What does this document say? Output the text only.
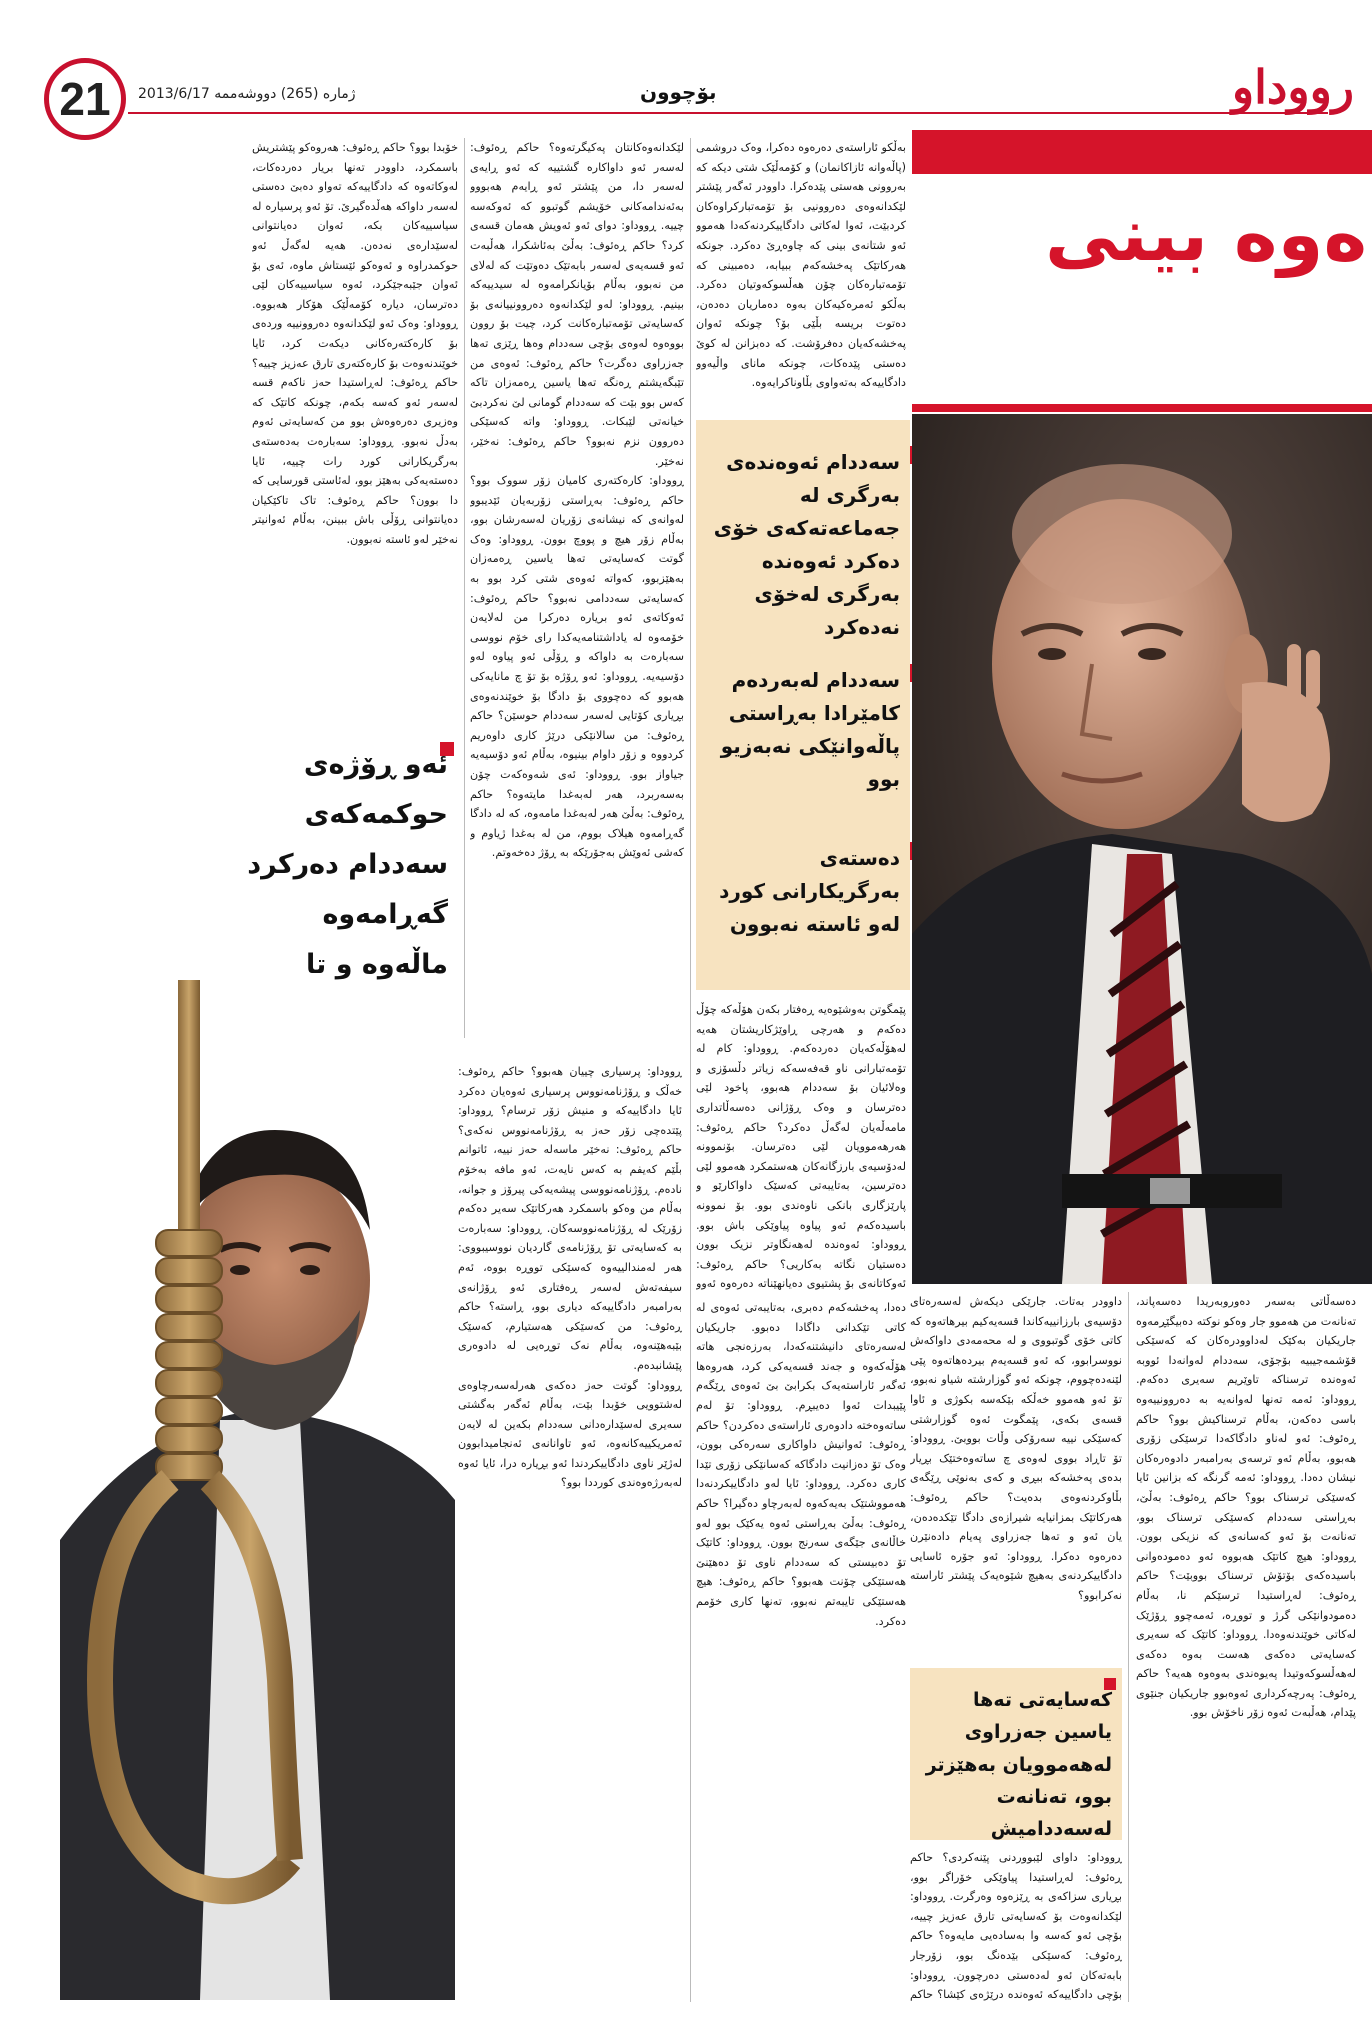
21 ژماره (265) دووشەممە 2013/6/17	بۆچوون	رووداو
ەوە بینی

بەڵکو ئاراستەی دەرەوە دەکرا، وەک دروشمی (پاڵەوانە ئازاکانمان) و کۆمەڵێک شتی دیکە کە بەروونی هەستی پێدەکرا. داوودر ئەگەر پێشتر لێکدانەوەی دەروونیی بۆ تۆمەتبارکراوەکان کردبێت، ئەوا لەکاتی دادگاییکردنەکەدا هەموو ئەو شتانەی بینی کە چاوەڕێ دەکرد. جونکە هەرکاتێک پەخشەکەم ببیابە، دەمبینی کە تۆمەتبارەکان چۆن هەڵسوکەوتیان دەکرد. بەڵکو ئەمرەکیەکان بەوە دەماریان دەدەن، دەتوت بریسە بڵێی بۆ؟ چونکە ئەوان پەخشەکەیان دەفرۆشت. کە دەبزانن لە کوێ دەستی پێدەکات، چونکە ماناى واڵیەوو دادگاییەکە بەتەواوی بڵاوناکرایەوە.

لێکدانەوەکانتان پەکیگرتەوە؟ حاکم ڕەئوف: لەسەر ئەو داواکارە گشتییە کە ئەو ڕایەی لەسەر دا، من پێشتر ئەو ڕایەم هەبووو بەئەندامەکانی خۆیشم گوتبوو کە ئەوکەسە چییە. ڕووداو: دوای ئەو ئەویش هەمان قسەی کرد؟ حاکم ڕەئوف: بەڵێ بەئاشکرا، هەڵبەت ئەو قسەیەی لەسەر بابەتێک دەوتێت کە لەلای من نەبوو، بەڵام بۆیانکرامەوە لە سیدییەکە بینیم. ڕووداو: لەو لێکدانەوە دەروونییانەی بۆ کەسایەتی تۆمەتبارەکانت کرد، چیت بۆ روون بووەوە لەوەی بۆچی سەددام وەها ڕێزی تەها جەزراوی دەگرت؟ حاکم ڕەئوف: ئەوەی من تێبگەیشتم ڕەنگە تەها یاسین ڕەمەزان تاکە کەس بوو بێت کە سەددام گومانی لێ نەکردبێ خیانەتی لێبکات. ڕووداو: واتە کەسێکی دەروون نزم نەبوو؟ حاکم ڕەئوف: نەخێر، نەخێر.

ڕووداو: کارەکتەری کامیان زۆر سووک بوو؟ حاکم ڕەئوف: بەڕاستی زۆربەیان ئێدیبوو لەوانەی کە نیشانەی زۆریان لەسەرشان بوو، بەڵام زۆر هیچ و پووچ بوون. ڕووداو: وەک گوتت کەسایەتی تەها یاسین ڕەمەزان بەهێزبوو، کەواتە ئەوەی شتی کرد بوو بە کەسایەتی سەددامی نەبوو؟ حاکم ڕەئوف: ئەوکاتەی ئەو بریارە دەرکرا من لەلایەن خۆمەوە لە یاداشتنامەیەکدا رای خۆم نووسی سەبارەت بە داواکە و ڕۆڵی ئەو پیاوە لەو دۆسیەیە. ڕووداو: ئەو ڕۆژە بۆ تۆ چ مانایەکی هەبوو کە دەچووی بۆ دادگا بۆ خوێندنەوەی بڕیاری کۆتایی لەسەر سەددام حوسێن؟ حاکم ڕەئوف: من سالانێکی درێژ کاری داوەریم کردووە و زۆر داوام بینیوە، بەڵام ئەو دۆسیەیە جیاواز بوو. ڕووداو: ئەی شەوەکەت چۆن بەسەربرد، هەر لەبەغدا مایتەوە؟ حاکم ڕەئوف: بەڵێ هەر لەبەغدا مامەوە، کە لە دادگا گەڕامەوە هیلاک بووم، من لە بەغدا ژیاوم و کەشی ئەوێش بەجۆرێکە بە ڕۆژ دەخەوتم.

خۆبدا بوو؟ حاکم ڕەئوف: هەروەکو پێشتریش باسمکرد، داوودر تەنها بریار دەردەکات، لەوکاتەوە کە دادگاییەکە تەواو دەبێ دەستی لەسەر داواکە هەڵدەگیرێ. تۆ ئەو پرسیارە لە سیاسییەکان بکە، ئەوان دەیانتوانی لەسێدارەی نەدەن. هەیە لەگەڵ ئەو حوکمدراوە و ئەوەکو ئێستاش ماوە، ئەی بۆ ئەوان جێبەجێکرد، ئەوە سیاسییەکان لێی دەترسان، دیارە کۆمەڵێک هۆکار هەبووە. ڕووداو: وەک ئەو لێکدانەوە دەروونییە وردەی بۆ کارەکتەرەکانی دیکەت کرد، ئایا خوێندنەوەت بۆ کارەکتەری تارق عەزیز چییە؟ حاکم ڕەئوف: لەڕاستیدا حەز ناکەم قسە لەسەر ئەو کەسە بکەم، چونکە کاتێک کە وەزیری دەرەوەش بوو من کەسایەتی ئەوم بەدڵ نەبوو. ڕووداو: سەبارەت بەدەستەی بەرگریکارانی کورد رات چییە، ئایا دەستەیەکی بەهێز بوو، لەئاستی قورسایی کە دا بوون؟ حاکم ڕەئوف: تاک تاکێکیان دەیانتوانی ڕۆڵی باش ببینن، بەڵام ئەوانیتر نەخێر لەو ئاستە نەبوون.

سەددام ئەوەندەی بەرگری لە جەماعەتەکەی خۆی دەکرد ئەوەندە بەرگری لەخۆی نەدەکرد
سەددام لەبەردەم کامێرادا بەڕاستی پاڵەوانێکی نەبەزیو بوو
دەستەی بەرگریکارانی کورد لەو ئاستە نەبوون
ئەو ڕۆژەی حوکمەکەی سەددام دەرکرد گەڕامەوە ماڵەوە و تا

پێمگوتن بەوشێوەیە ڕەفتار بکەن هۆڵەکە چۆڵ دەکەم و هەرچی ڕاوێژکاریشتان هەیە لەهۆڵەکەیان دەردەکەم. ڕووداو: کام لە تۆمەتبارانی ناو قەفەسەکە زیاتر دڵسۆزی و وەلائیان بۆ سەددام هەبوو، پاخود لێی دەترسان و وەک ڕۆژانی دەسەڵاتداری مامەڵەیان لەگەڵ دەکرد؟ حاکم ڕەئوف: هەرهەموویان لێی دەترسان. بۆنموونە لەدۆسیەی بارزگانەکان هەستمکرد هەموو لێی دەترسین، بەتایبەتی کەسێک داواکارێو و پارێزگاری بانکی ناوەندی بوو. بۆ نموونە باسیدەکەم ئەو پیاوە پیاوێکی باش بوو. ڕووداو: ئەوەندە لەهەنگاوتر نزیک بوون دەستیان نگاتە بەکاریی؟ حاکم ڕەئوف: ئەوکاتانەی بۆ پشتیوی دەیانهێناتە دەرەوە ئەوو

ڕووداو: پرسیاری چییان هەبوو؟ حاکم ڕەئوف: خەڵک و ڕۆژنامەنووس پرسیاری ئەوەیان دەکرد ئایا دادگاییەکە و منیش زۆر ترسام؟ ڕووداو: پێتدەچی زۆر حەز بە ڕۆژنامەنووس نەکەی؟ حاکم ڕەئوف: نەخێر ماسەلە حەز نییە، ئاتوانم بڵێم کەیفم بە کەس نایەت، ئەو مافە بەخۆم نادەم. ڕۆژنامەنووسی پیشەیەکی پیرۆز و جوانە، بەڵام من وەکو باسمکرد هەرکاتێک سەیر دەکەم زۆرێک لە ڕۆژنامەنووسەکان. ڕووداو: سەبارەت بە کەسایەتی تۆ ڕۆژنامەی گاردیان نووسیبووی: هەر لەمندالییەوە کەسێکی تووڕە بووە، ئەم سیفەتەش لەسەر ڕەفتاری ئەو ڕۆژانەی بەرامبەر دادگاییەکە دیاری بوو، ڕاستە؟ حاکم ڕەئوف: من کەسێکی هەستیارم، کەسێک بێبەهێنەوە، بەڵام نەک توڕەیی لە دادوەری پێشانبدەم.

ڕووداو: گوتت حەز دەکەی هەرلەسەرچاوەی لەشتوویی خۆبدا بێت، بەڵام ئەگەر بەگشتی سەیری لەسێدارەدانی سەددام بکەین لە لایەن ئەمریکییەکانەوە، ئەو تاوانانەی ئەنجامیدابوون لەژێر ناوی دادگاییکردندا ئەو بڕیارە درا، ئایا ئەوە لەبەرژەوەندی کورددا بوو؟

دەسەڵاتی بەسەر دەوروبەریدا دەسەپاند، تەنانەت من هەموو جار وەکو نوکتە دەبیگێڕمەوە جاریکیان بەکێک لەداوودرەکان کە کەسێکی قۆشمەجیبیە بۆجۆی، سەددام لەوانەدا ئووبە ئەوەندە ترسناکە تاوێریم سەیری دەکەم. ڕووداو: ئەمە تەنها لەوانەیە بە دەروونییەوە باسی دەکەن، بەڵام ترسناکیش بوو؟ حاکم ڕەئوف: ئەو لەناو دادگاکەدا ترسێکی زۆری هەبوو، بەڵام ئەو ترسەی بەرامبەر دادوەرەکان نیشان دەدا. ڕووداو: ئەمە گرنگە کە بزانین ئایا کەسێکی ترسناک بوو؟ حاکم ڕەئوف: بەڵێ، بەڕاستی سەددام کەسێکی ترسناک بوو، تەنانەت بۆ ئەو کەسانەی کە نزیکی بوون. ڕووداو: هیچ کاتێک هەبووە ئەو دەمودەوانی باسیدەکەی بۆتۆش ترسناک بووبێت؟ حاکم ڕەئوف: لەڕاستیدا ترسێکم نا، بەڵام دەمودوانێکی گرژ و تووڕە، ئەمەچوو ڕۆژێک لەکاتی خوێندنەوەدا. ڕووداو: کاتێک کە سەیری کەسایەتی دەکەی هەست بەوە دەکەی لەهەڵسوکەوتیدا پەیوەندی بەوەوە هەیە؟ حاکم ڕەئوف: پەرچەکرداری ئەوەبوو جاریکیان جنێوی پێدام، هەڵبەت ئەوە زۆر ناخۆش بوو.

داوودر بەتات. جارێکی دیکەش لەسەرەتای دۆسیەی بارزانییەکاندا قسەیەکیم بیرهاتەوە کە کاتی خۆی گوتبووی و لە محەمەدی داواکەش نووسرابوو، کە ئەو قسەیەم بیردەهاتەوە پێی لێنەدەچووم، چونکە ئەو گوزارشتە شیاو نەبوو، تۆ ئەو هەموو خەڵکە بێکەسە بکوژی و ئاوا قسەی بکەی، پێمگوت ئەوە گوزارشتی کەسێکی نییە سەرۆکی وڵات بووبێ. ڕووداو: تۆ تاڕاد بووی لەوەی چ ساتەوەختێک بڕیار بدەی پەخشەکە ببڕی و کەی بەنوێی ڕێگەی بڵاوکردنەوەی بدەیت؟ حاکم ڕەئوف: هەرکاتێک بمزانیایە شیرازەی دادگا تێکدەدەن، یان ئەو و تەها جەزراوی پەیام دادەنێرن دەرەوە دەکرا. ڕووداو: ئەو جۆرە ئاسایی دادگاییکردنەی بەهیچ شێوەیەک پێشتر ئاراستە نەکرابوو؟

ڕووداو: داوای لێبووردنی پێنەکردی؟ حاکم ڕەئوف: لەڕاستیدا پیاوێکی خۆراگر بوو، بڕیاری سزاکەی بە ڕێزەوە وەرگرت. ڕووداو: لێکدانەوەت بۆ کەسایەتی تارق عەزیز چییە، بۆچی ئەو کەسە وا بەسادەیی مایەوە؟ حاکم ڕەئوف: کەسێکی بێدەنگ بوو، زۆرجار بابەتەکان ئەو لەدەستی دەرچوون. ڕووداو: بۆچی دادگاییەکە ئەوەندە درێژەی کێشا؟ حاکم

دەدا، پەخشەکەم دەبری، بەتایبەتی ئەوەی لە کاتی تێکدانی داگادا دەبوو. جاریکیان لەسەرەتای دانیشتنەکەدا، بەرزەنجی هاتە هۆڵەکەوە و جەند قسەیەکی کرد، هەروەها ئەگەر ئاراستەیەک بکرابێ بێ ئەوەی ڕێگەم پێیبدات ئەوا دەیبڕم. ڕووداو: تۆ لەم ساتەوەختە دادوەری ئاراستەی دەکردن؟ حاکم ڕەئوف: ئەوانیش داواکاری سەرەکی بوون، وەک تۆ دەزانیت دادگاکە کەسانێکی زۆری تێدا کاری دەکرد. ڕووداو: ئایا لەو دادگاییکردنەدا هەمووشتێک بەیەکەوە لەبەرچاو دەگیرا؟ حاکم ڕەئوف: بەڵێ بەڕاستی ئەوە یەکێک بوو لەو خاڵانەی جێگەی سەرنج بوون. ڕووداو: کاتێک تۆ دەبیستی کە سەددام ناوی تۆ دەهێنێ هەستێکی چۆنت هەبوو؟ حاکم ڕەئوف: هیچ هەستێکی تایبەتم نەبوو، تەنها کاری خۆمم دەکرد.

کەسایەتی تەها یاسین جەزراوی لەهەموویان بەهێزتر بوو، تەنانەت لەسەددامیش
